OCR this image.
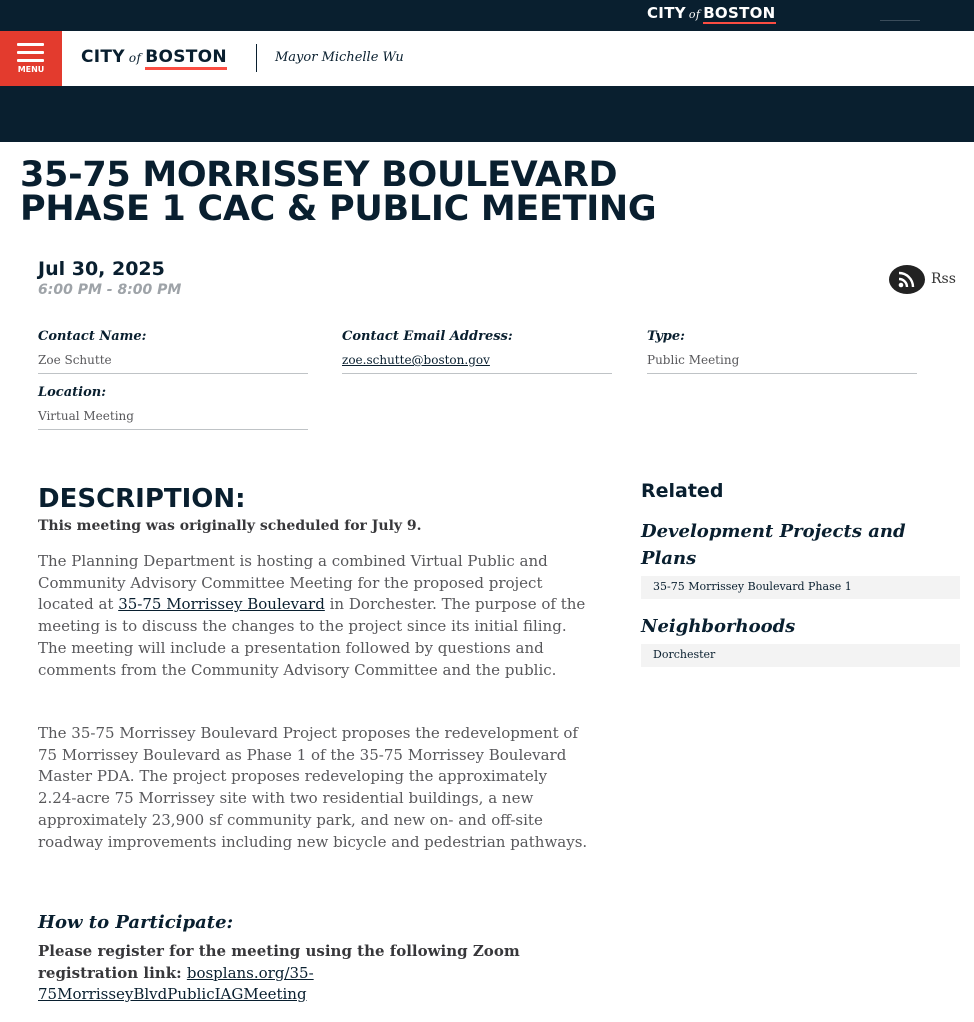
CITY of BOSTON
MENU
CITY of BOSTON	Mayor Michelle Wu
35-75 MORRISSEY BOULEVARD
PHASE 1 CAC & PUBLIC MEETING
Jul 30, 2025
6:00 PM - 8:00 PM
Rss
Contact Name:
Zoe Schutte
Contact Email Address:
zoe.schutte@boston.gov
Type:
Public Meeting
Location:
Virtual Meeting
DESCRIPTION:
This meeting was originally scheduled for July 9.

The Planning Department is hosting a combined Virtual Public and Community Advisory Committee Meeting for the proposed project located at 35-75 Morrissey Boulevard in Dorchester. The purpose of the meeting is to discuss the changes to the project since its initial filing. The meeting will include a presentation followed by questions and comments from the Community Advisory Committee and the public.

The 35-75 Morrissey Boulevard Project proposes the redevelopment of 75 Morrissey Boulevard as Phase 1 of the 35-75 Morrissey Boulevard Master PDA. The project proposes redeveloping the approximately 2.24-acre 75 Morrissey site with two residential buildings, a new approximately 23,900 sf community park, and new on- and off-site roadway improvements including new bicycle and pedestrian pathways.

How to Participate:

Please register for the meeting using the following Zoom registration link: bosplans.org/35-75MorrisseyBlvdPublicIAGMeeting

Related
Development Projects and Plans
35-75 Morrissey Boulevard Phase 1
Neighborhoods
Dorchester
